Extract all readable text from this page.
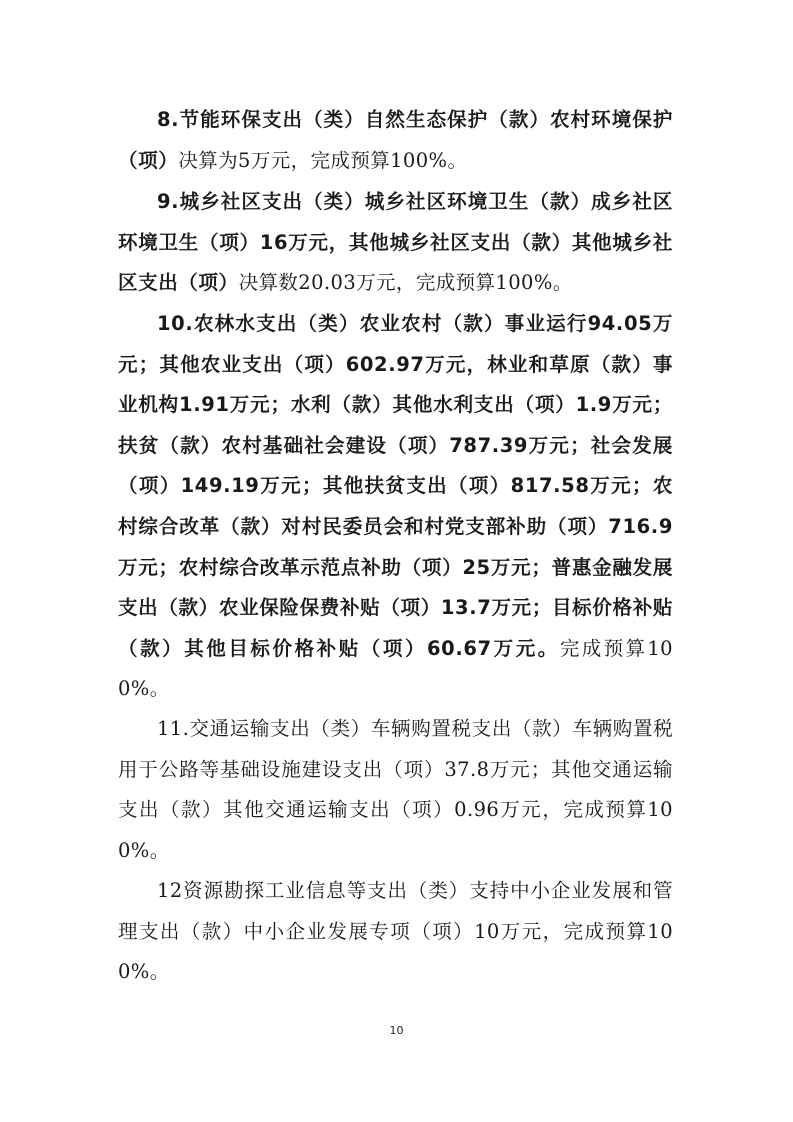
8.节能环保支出（类）自然生态保护（款）农村环境保护（项）决算为5万元，完成预算100%。

9.城乡社区支出（类）城乡社区环境卫生（款）成乡社区环境卫生（项）16万元，其他城乡社区支出（款）其他城乡社区支出（项）决算数20.03万元，完成预算100%。

10.农林水支出（类）农业农村（款）事业运行94.05万元；其他农业支出（项）602.97万元，林业和草原（款）事业机构1.91万元；水利（款）其他水利支出（项）1.9万元；扶贫（款）农村基础社会建设（项）787.39万元；社会发展（项）149.19万元；其他扶贫支出（项）817.58万元；农村综合改革（款）对村民委员会和村党支部补助（项）716.9万元；农村综合改革示范点补助（项）25万元；普惠金融发展支出（款）农业保险保费补贴（项）13.7万元；目标价格补贴（款）其他目标价格补贴（项）60.67万元。完成预算100%。

11.交通运输支出（类）车辆购置税支出（款）车辆购置税用于公路等基础设施建设支出（项）37.8万元；其他交通运输支出（款）其他交通运输支出（项）0.96万元，完成预算100%。

12资源勘探工业信息等支出（类）支持中小企业发展和管理支出（款）中小企业发展专项（项）10万元，完成预算100%。

10
